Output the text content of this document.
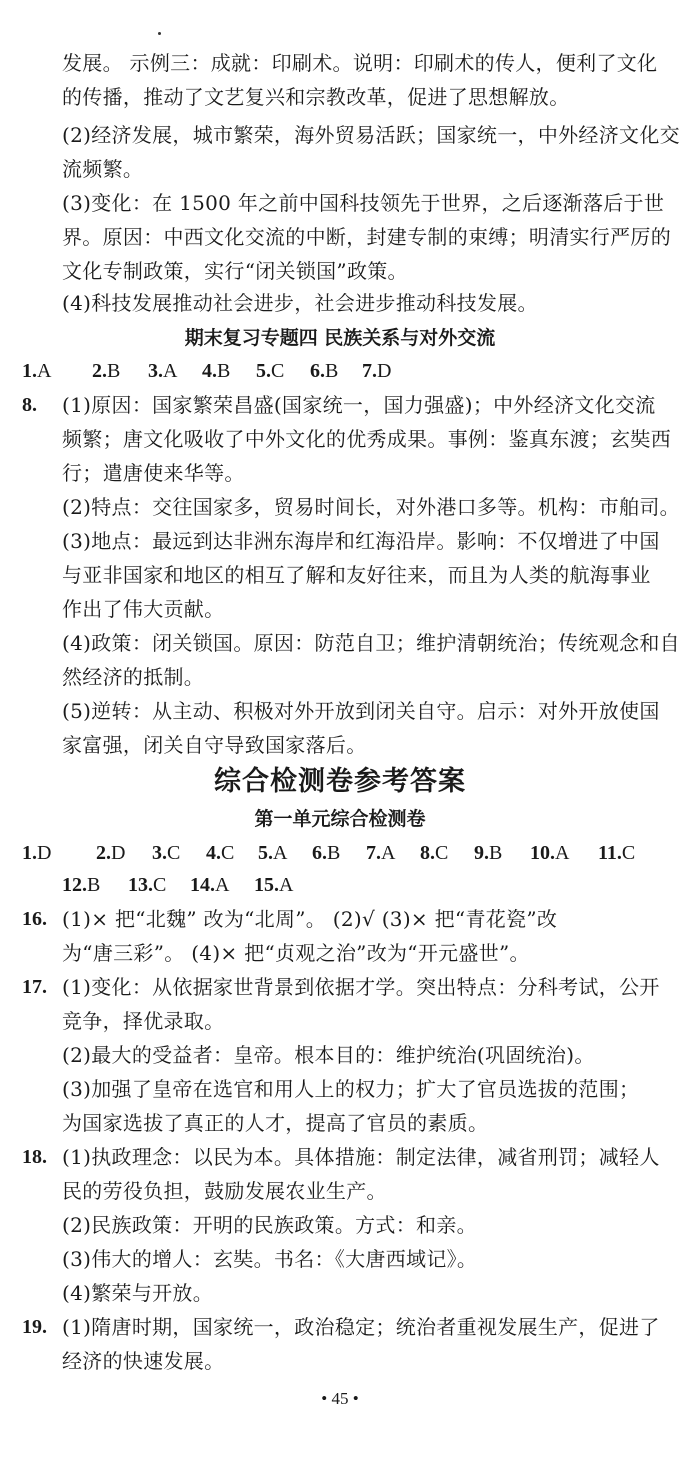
发展。 示例三：成就：印刷术。说明：印刷术的传人，便利了文化
的传播，推动了文艺复兴和宗教改革，促进了思想解放。
(2)经济发展，城市繁荣，海外贸易活跃；国家统一，中外经济文化交
流频繁。
(3)变化：在 1500 年之前中国科技领先于世界，之后逐渐落后于世
界。原因：中西文化交流的中断，封建专制的束缚；明清实行严厉的
文化专制政策，实行“闭关锁国”政策。
(4)科技发展推动社会进步，社会进步推动科技发展。
期末复习专题四 民族关系与对外交流
1.A 2.B 3.A 4.B 5.C 6.B 7.D
8. (1)原因：国家繁荣昌盛(国家统一，国力强盛)；中外经济文化交流
频繁；唐文化吸收了中外文化的优秀成果。事例：鉴真东渡；玄奘西
行；遣唐使来华等。
(2)特点：交往国家多，贸易时间长，对外港口多等。机构：市舶司。
(3)地点：最远到达非洲东海岸和红海沿岸。影响：不仅增进了中国
与亚非国家和地区的相互了解和友好往来，而且为人类的航海事业
作出了伟大贡献。
(4)政策：闭关锁国。原因：防范自卫；维护清朝统治；传统观念和自
然经济的抵制。
(5)逆转：从主动、积极对外开放到闭关自守。启示：对外开放使国
家富强，闭关自守导致国家落后。
综合检测卷参考答案
第一单元综合检测卷
1.D 2.D 3.C 4.C 5.A 6.B 7.A 8.C 9.B 10.A 11.C
12.B 13.C 14.A 15.A
16. (1)× 把“北魏” 改为“北周”。 (2)√ (3)× 把“青花瓷”改
为“唐三彩”。 (4)× 把“贞观之治”改为“开元盛世”。
17. (1)变化：从依据家世背景到依据才学。突出特点：分科考试，公开
竞争，择优录取。
(2)最大的受益者：皇帝。根本目的：维护统治(巩固统治)。
(3)加强了皇帝在选官和用人上的权力；扩大了官员选拔的范围；
为国家选拔了真正的人才，提高了官员的素质。
18. (1)执政理念：以民为本。具体措施：制定法律，减省刑罚；减轻人
民的劳役负担，鼓励发展农业生产。
(2)民族政策：开明的民族政策。方式：和亲。
(3)伟大的增人：玄奘。书名：《大唐西域记》。
(4)繁荣与开放。
19. (1)隋唐时期，国家统一，政治稳定；统治者重视发展生产，促进了
经济的快速发展。
• 45 •
